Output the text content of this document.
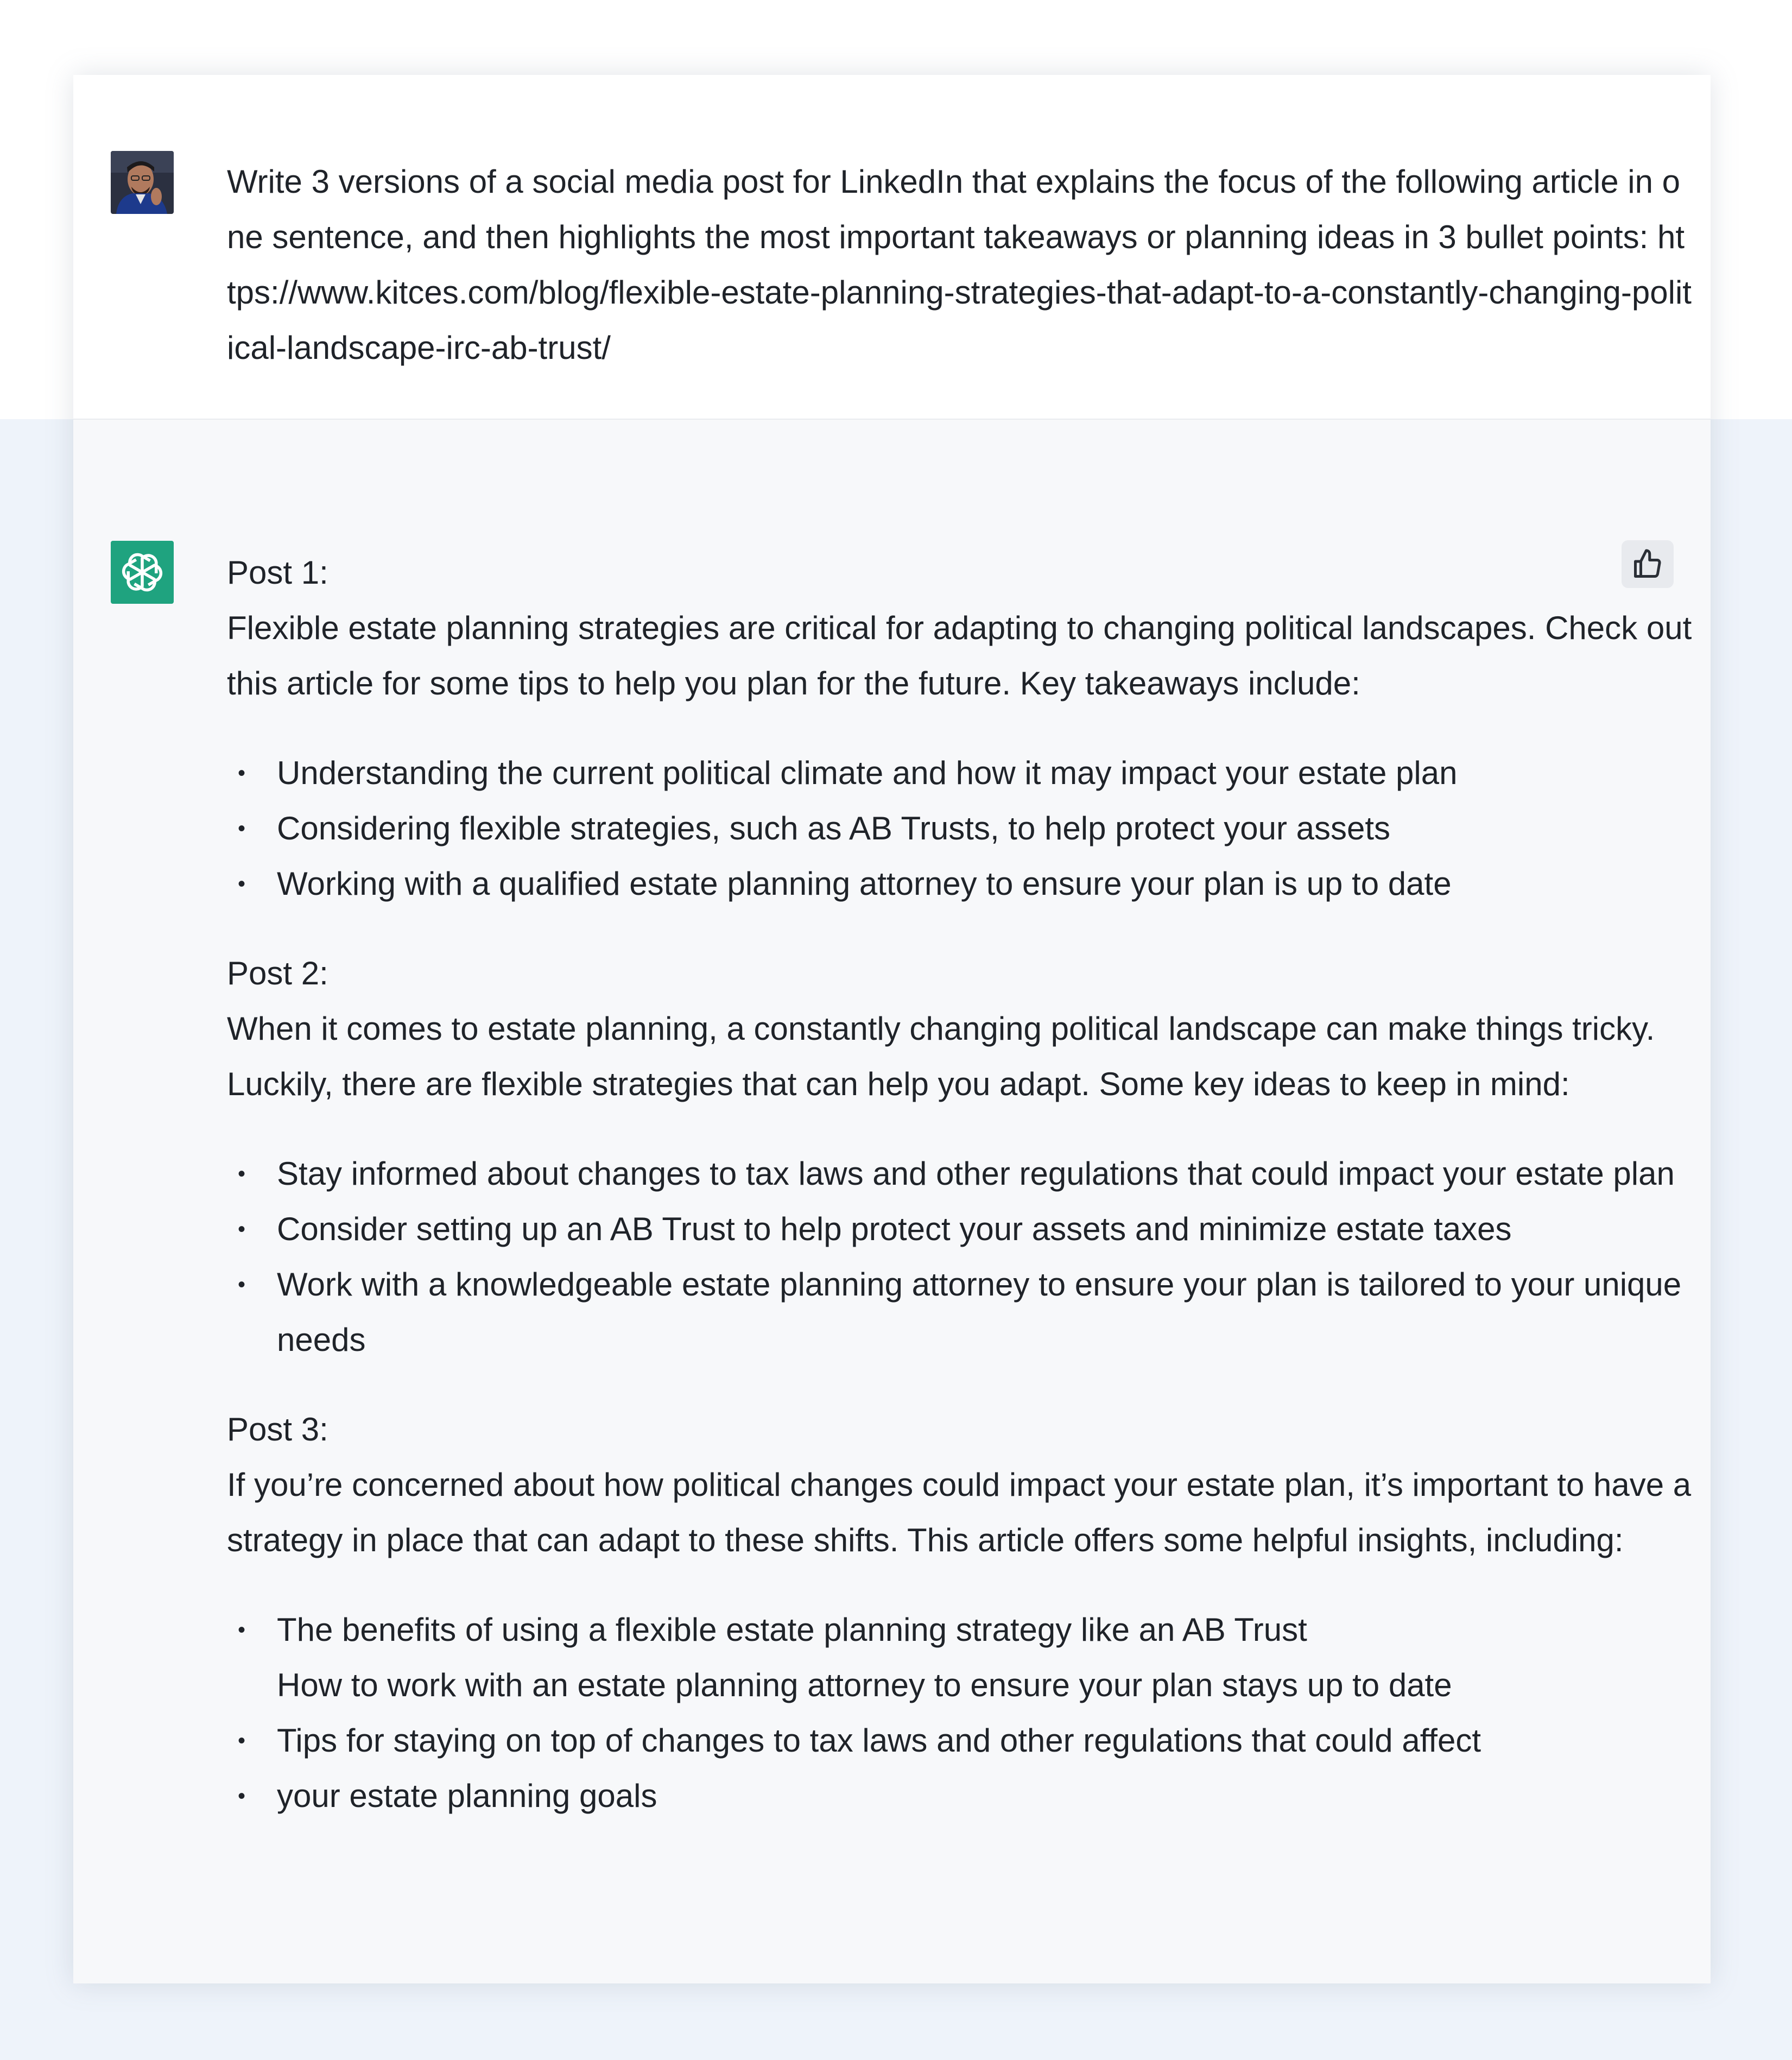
Write 3 versions of a social media post for LinkedIn that explains the focus of the following article in one sentence, and then highlights the most important takeaways or planning ideas in 3 bullet points: https://www.kitces.com/blog/flexible-estate-planning-strategies-that-adapt-to-a-constantly-changing-political-landscape-irc-ab-trust/

Post 1:

Flexible estate planning strategies are critical for adapting to changing political landscapes. Check out this article for some tips to help you plan for the future. Key takeaways include:

• Understanding the current political climate and how it may impact your estate plan
• Considering flexible strategies, such as AB Trusts, to help protect your assets
• Working with a qualified estate planning attorney to ensure your plan is up to date

Post 2:

When it comes to estate planning, a constantly changing political landscape can make things tricky. Luckily, there are flexible strategies that can help you adapt. Some key ideas to keep in mind:

• Stay informed about changes to tax laws and other regulations that could impact your estate plan
• Consider setting up an AB Trust to help protect your assets and minimize estate taxes
• Work with a knowledgeable estate planning attorney to ensure your plan is tailored to your unique needs

Post 3:

If you’re concerned about how political changes could impact your estate plan, it’s important to have a strategy in place that can adapt to these shifts. This article offers some helpful insights, including:

• The benefits of using a flexible estate planning strategy like an AB Trust
How to work with an estate planning attorney to ensure your plan stays up to date
• Tips for staying on top of changes to tax laws and other regulations that could affect
• your estate planning goals
